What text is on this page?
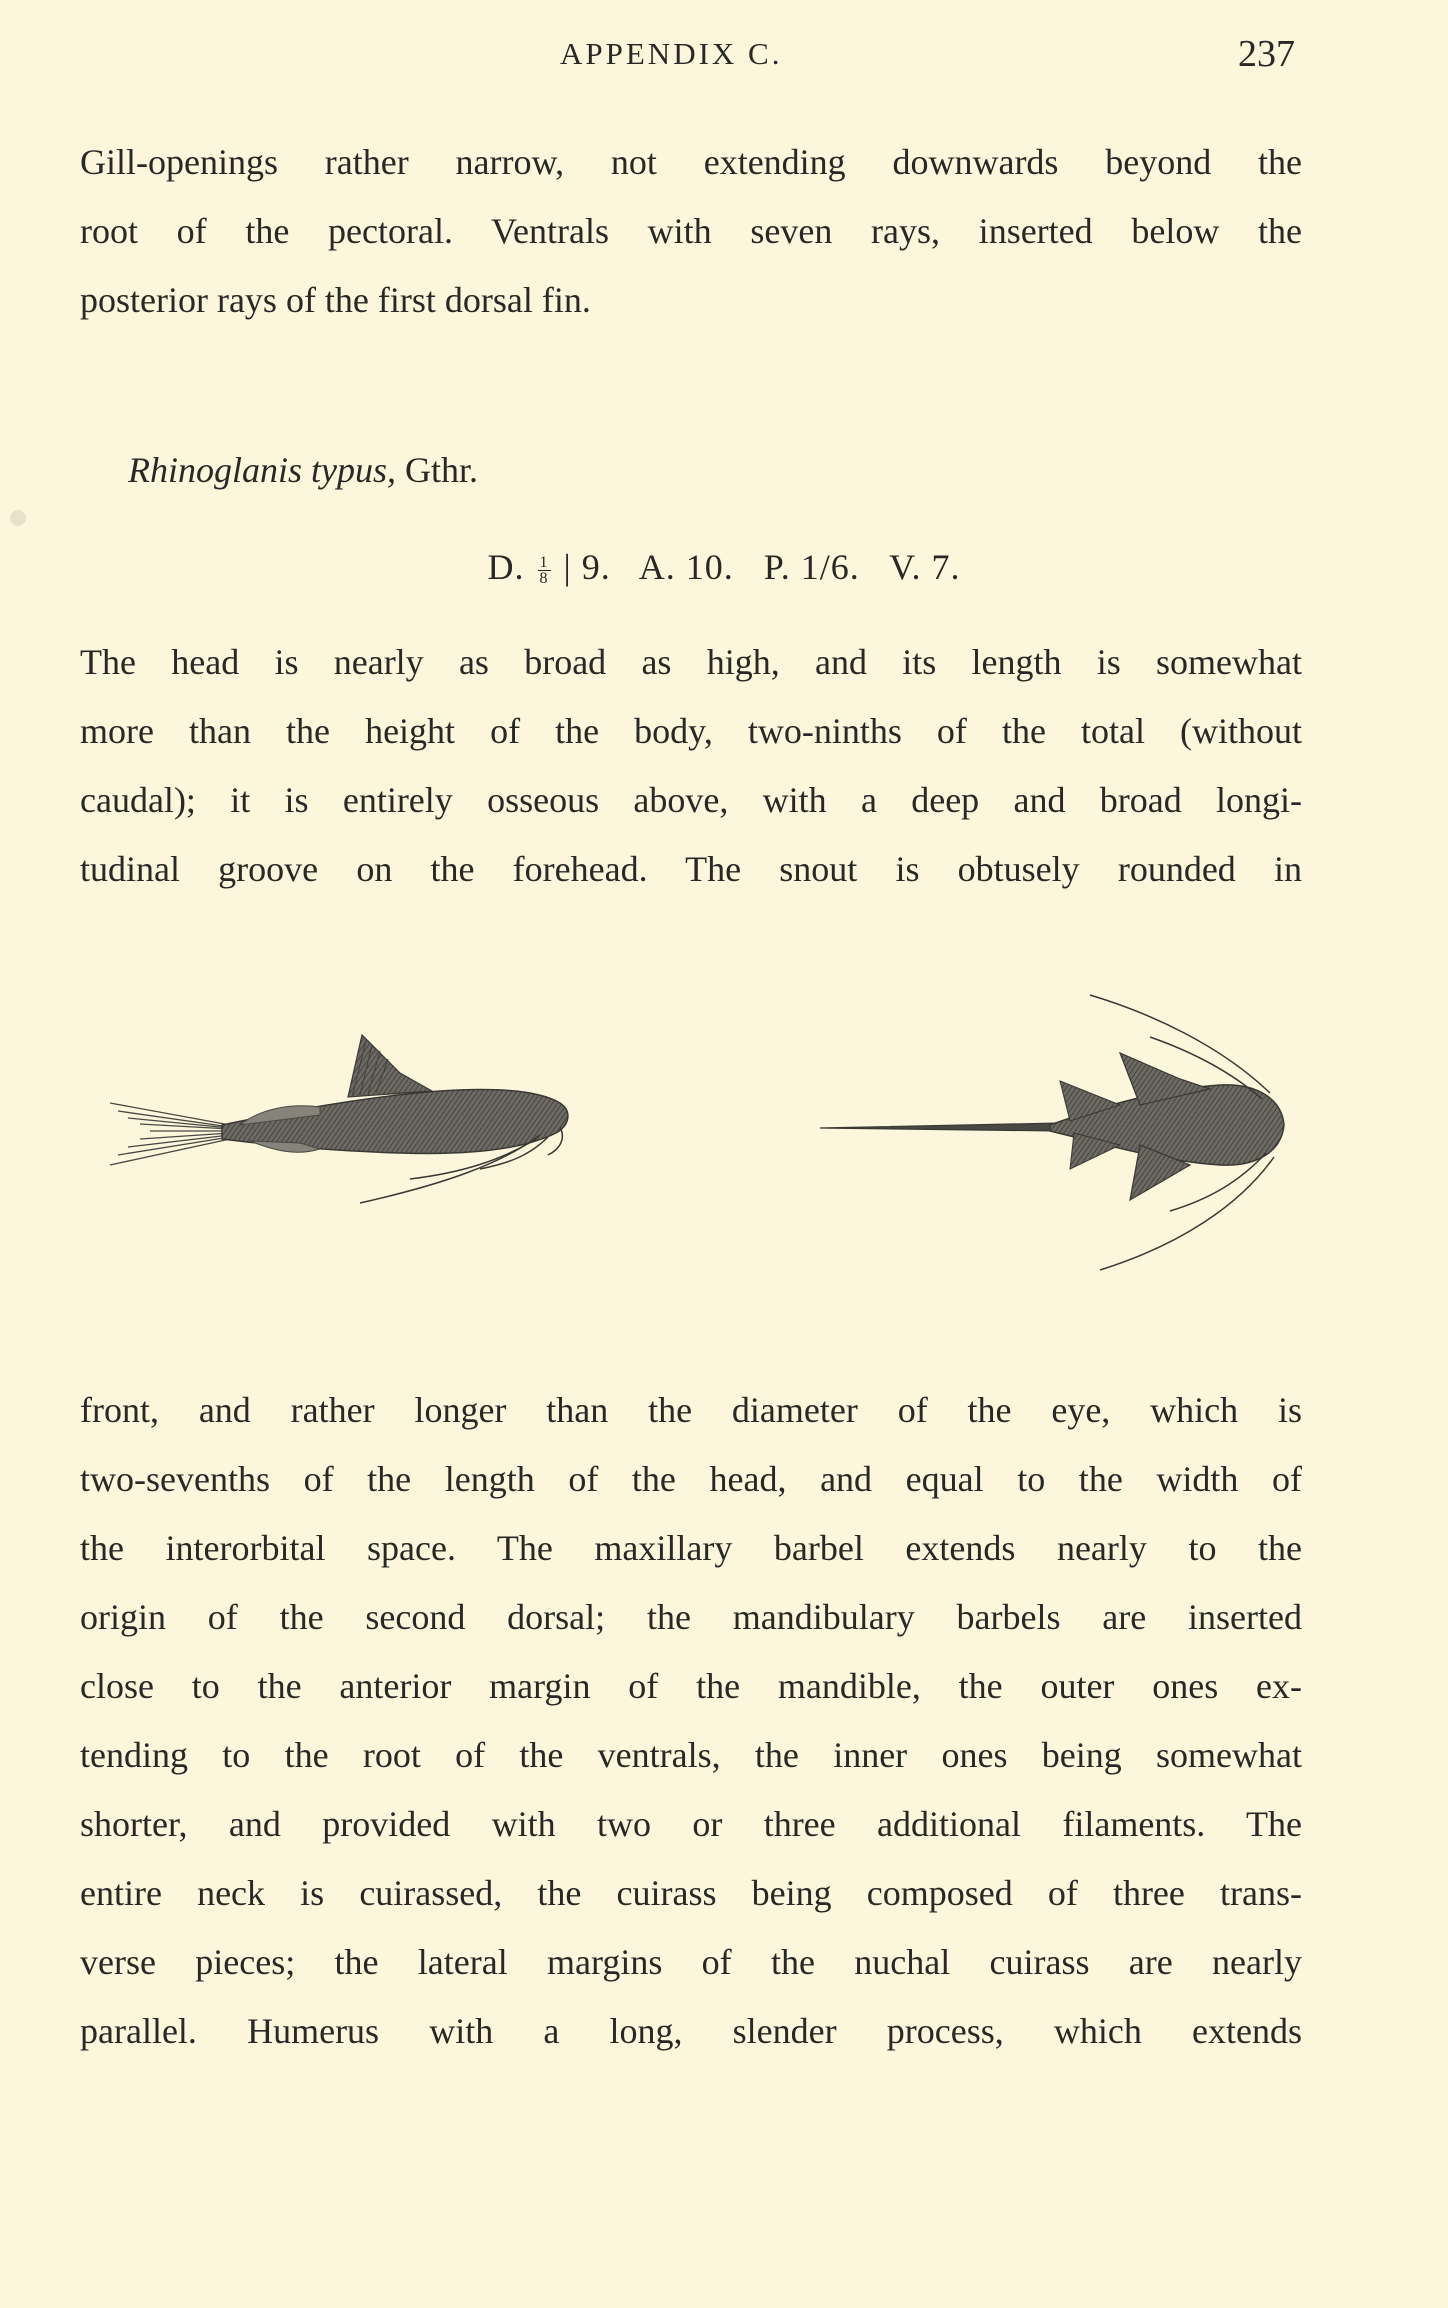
APPENDIX C.	237
Gill-openings rather narrow, not extending downwards beyond the
root of the pectoral. Ventrals with seven rays, inserted below the
posterior rays of the first dorsal fin.
Rhinoglanis typus, Gthr.
D. $\frac{1}{8}$ | 9.   A. 10.   P. 1/6.   V. 7.
The head is nearly as broad as high, and its length is somewhat
more than the height of the body, two-ninths of the total (without
caudal); it is entirely osseous above, with a deep and broad longi-
tudinal groove on the forehead. The snout is obtusely rounded in
front, and rather longer than the diameter of the eye, which is
two-sevenths of the length of the head, and equal to the width of
the interorbital space. The maxillary barbel extends nearly to the
origin of the second dorsal; the mandibulary barbels are inserted
close to the anterior margin of the mandible, the outer ones ex-
tending to the root of the ventrals, the inner ones being somewhat
shorter, and provided with two or three additional filaments. The
entire neck is cuirassed, the cuirass being composed of three trans-
verse pieces; the lateral margins of the nuchal cuirass are nearly
parallel. Humerus with a long, slender process, which extends
